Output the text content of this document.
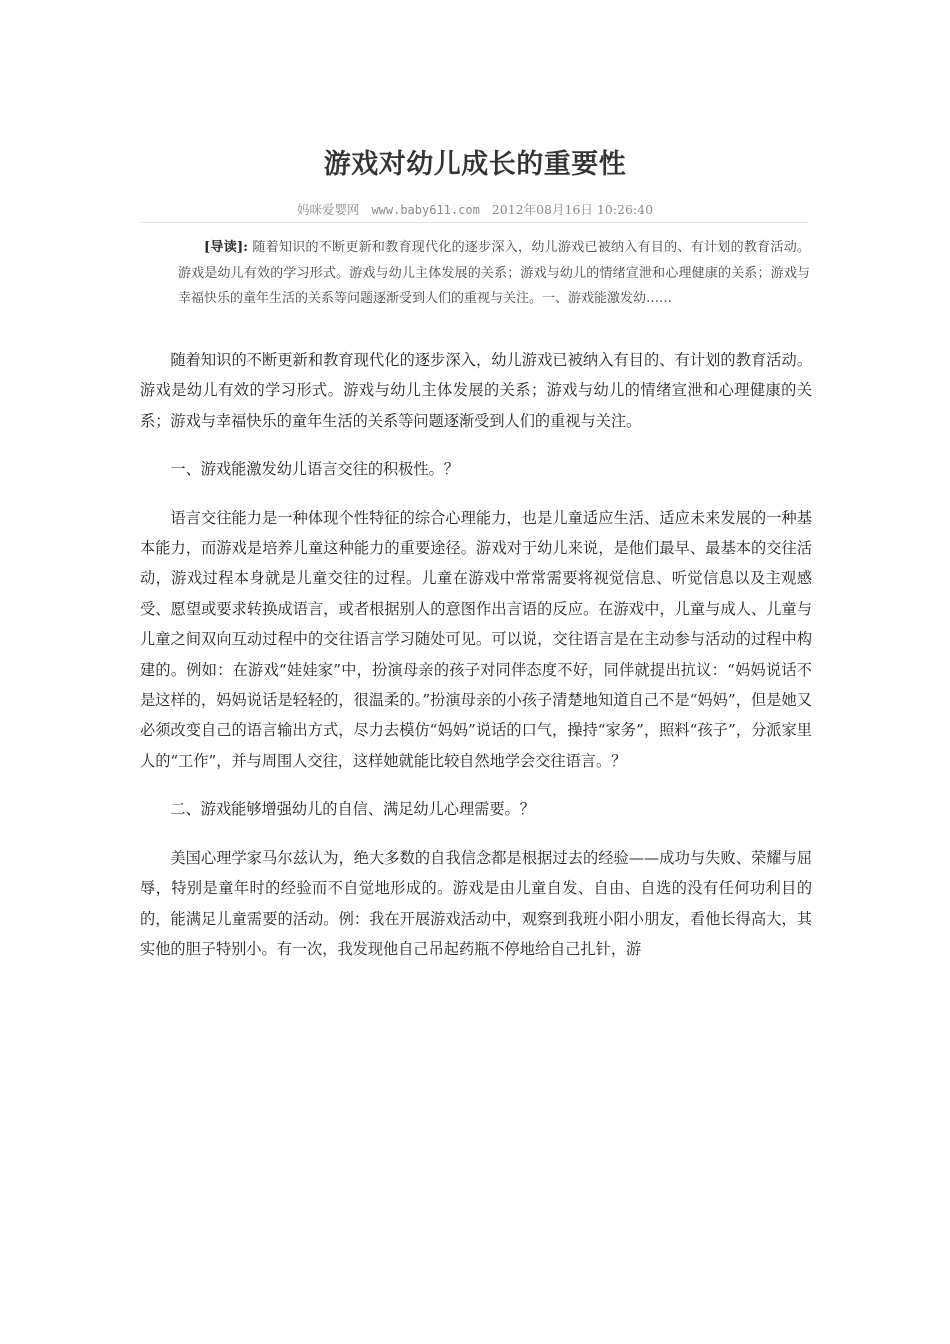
游戏对幼儿成长的重要性
妈咪爱婴网 www.baby611.com 2012年08月16日 10:26:40
[导读]: 随着知识的不断更新和教育现代化的逐步深入，幼儿游戏已被纳入有目的、有计划的教育活动。游戏是幼儿有效的学习形式。游戏与幼儿主体发展的关系；游戏与幼儿的情绪宣泄和心理健康的关系；游戏与幸福快乐的童年生活的关系等问题逐渐受到人们的重视与关注。一、游戏能激发幼……

随着知识的不断更新和教育现代化的逐步深入，幼儿游戏已被纳入有目的、有计划的教育活动。游戏是幼儿有效的学习形式。游戏与幼儿主体发展的关系；游戏与幼儿的情绪宣泄和心理健康的关系；游戏与幸福快乐的童年生活的关系等问题逐渐受到人们的重视与关注。

一、游戏能激发幼儿语言交往的积极性。？

语言交往能力是一种体现个性特征的综合心理能力，也是儿童适应生活、适应未来发展的一种基本能力，而游戏是培养儿童这种能力的重要途径。游戏对于幼儿来说，是他们最早、最基本的交往活动，游戏过程本身就是儿童交往的过程。儿童在游戏中常常需要将视觉信息、听觉信息以及主观感受、愿望或要求转换成语言，或者根据别人的意图作出言语的反应。在游戏中，儿童与成人、儿童与儿童之间双向互动过程中的交往语言学习随处可见。可以说，交往语言是在主动参与活动的过程中构建的。例如：在游戏“娃娃家”中，扮演母亲的孩子对同伴态度不好，同伴就提出抗议：“妈妈说话不是这样的，妈妈说话是轻轻的，很温柔的。”扮演母亲的小孩子清楚地知道自己不是“妈妈”，但是她又必须改变自己的语言输出方式，尽力去模仿“妈妈”说话的口气，操持“家务”，照料“孩子”，分派家里人的“工作”，并与周围人交往，这样她就能比较自然地学会交往语言。？

二、游戏能够增强幼儿的自信、满足幼儿心理需要。？

美国心理学家马尔兹认为，绝大多数的自我信念都是根据过去的经验——成功与失败、荣耀与屈辱，特别是童年时的经验而不自觉地形成的。游戏是由儿童自发、自由、自选的没有任何功利目的的，能满足儿童需要的活动。例：我在开展游戏活动中，观察到我班小阳小朋友，看他长得高大，其实他的胆子特别小。有一次，我发现他自己吊起药瓶不停地给自己扎针，游
